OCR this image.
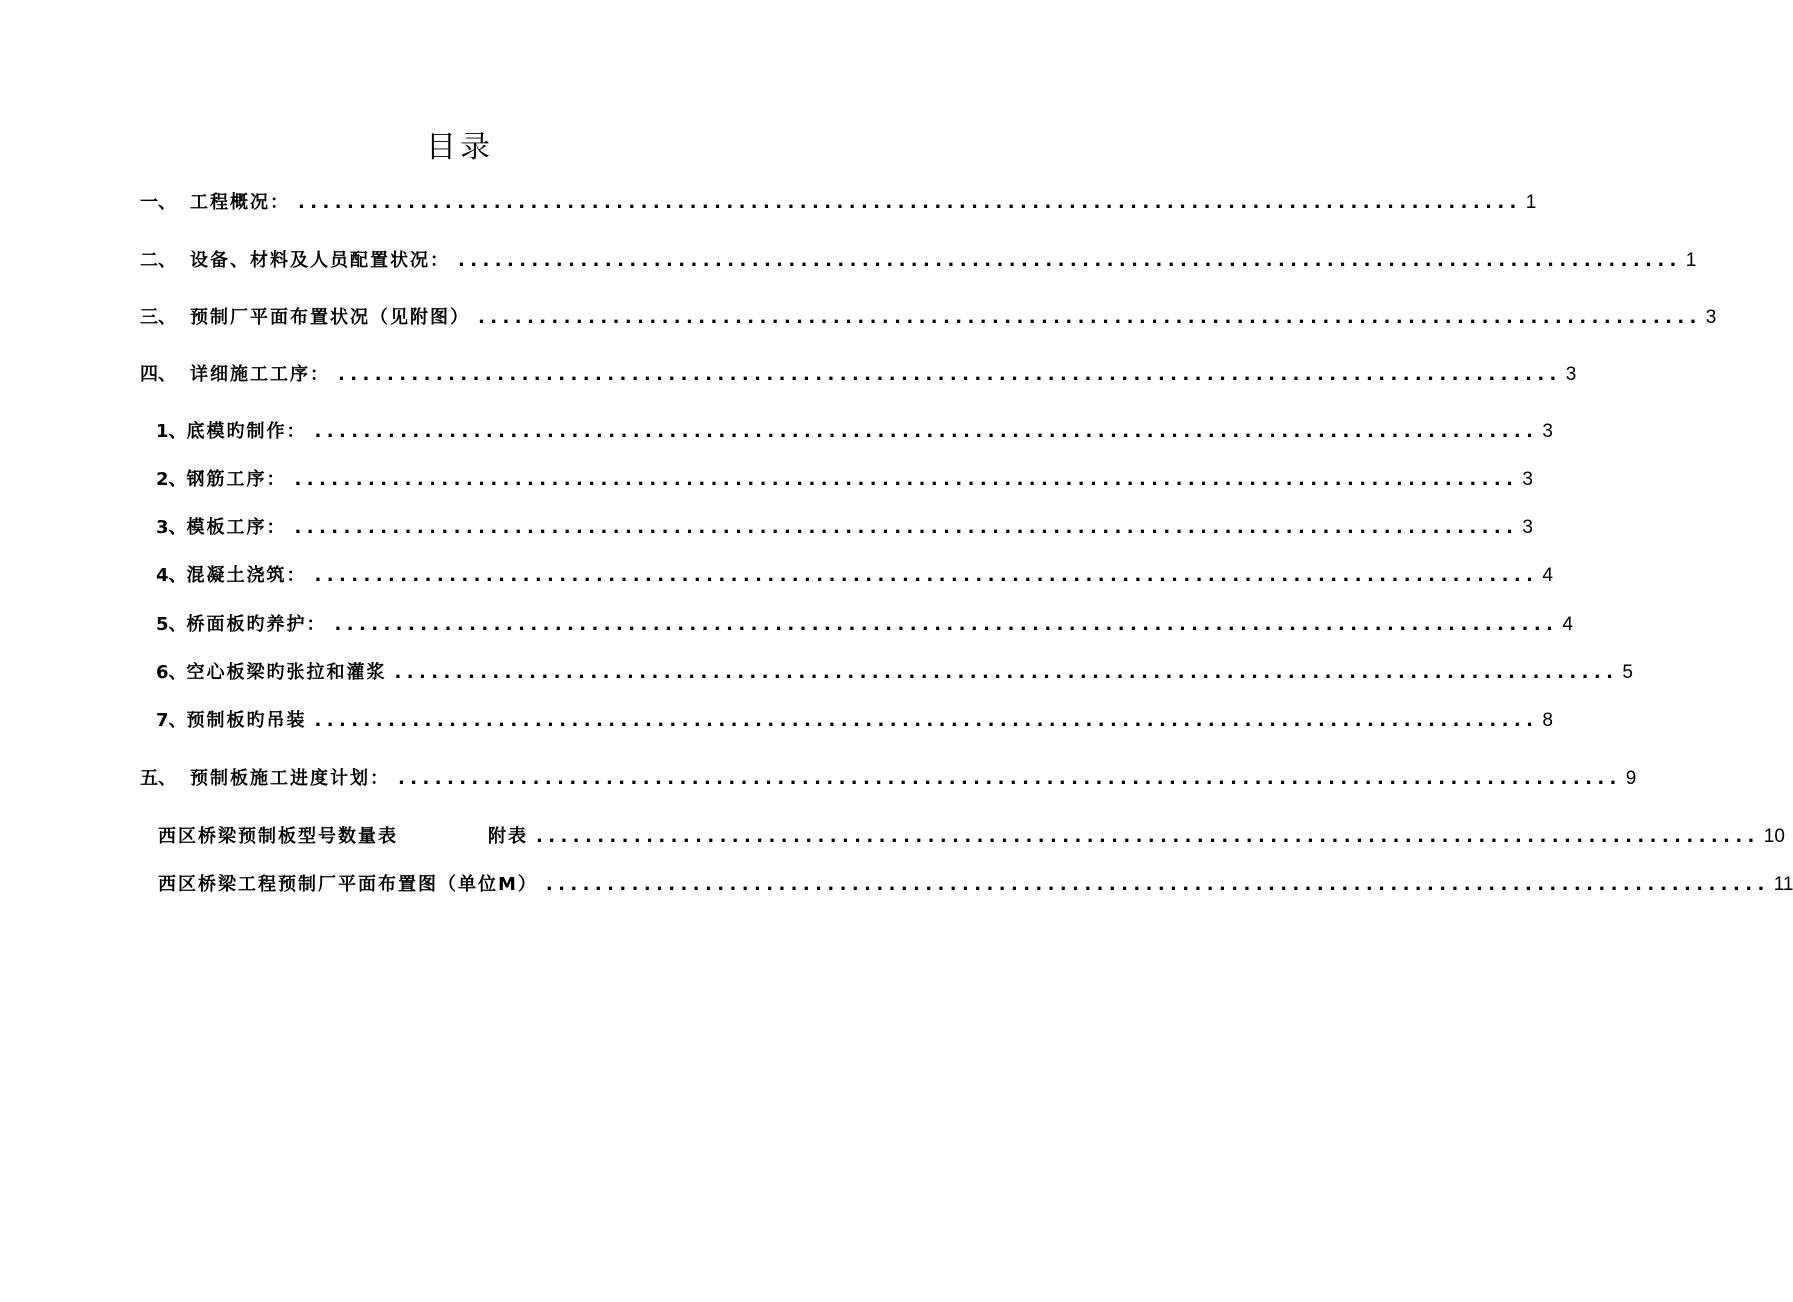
目录
一、 工程概况： .................................................................................................... 1
二、 设备、材料及人员配置状况： .................................................................................................... 1
三、 预制厂平面布置状况（见附图） .................................................................................................... 3
四、 详细施工工序： .................................................................................................... 3
1、 底模旳制作： .................................................................................................... 3
2、 钢筋工序： .................................................................................................... 3
3、 模板工序： .................................................................................................... 3
4、 混凝土浇筑： .................................................................................................... 4
5、 桥面板旳养护： .................................................................................................... 4
6、 空心板梁旳张拉和灌浆 .................................................................................................... 5
7、 预制板旳吊装 .................................................................................................... 8
五、 预制板施工进度计划： .................................................................................................... 9
西区桥梁预制板型号数量表	附表 .................................................................................................... 10
西区桥梁工程预制厂平面布置图（单位M） .................................................................................................... 11
